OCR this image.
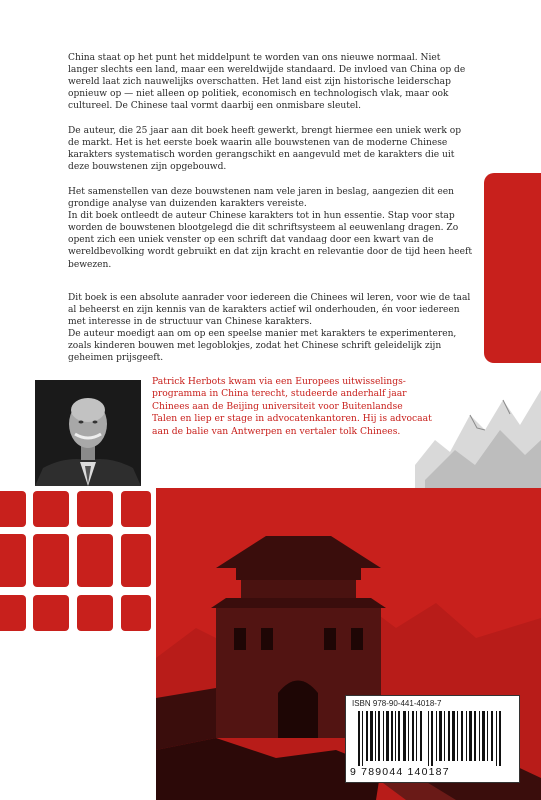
China staat op het punt het middelpunt te worden van ons nieuwe normaal. Niet langer slechts een land, maar een wereldwijde standaard. De invloed van China op de wereld laat zich nauwelijks overschatten. Het land eist zijn historische leiderschap opnieuw op — niet alleen op politiek, economisch en technologisch vlak, maar ook cultureel. De Chinese taal vormt daarbij een onmisbare sleutel.

De auteur, die 25 jaar aan dit boek heeft gewerkt, brengt hiermee een uniek werk op de markt. Het is het eerste boek waarin alle bouwstenen van de moderne Chinese karakters systematisch worden gerangschikt en aangevuld met de karakters die uit deze bouwstenen zijn opgebouwd.

Het samenstellen van deze bouwstenen nam vele jaren in beslag, aangezien dit een grondige analyse van duizenden karakters vereiste.
In dit boek ontleedt de auteur Chinese karakters tot in hun essentie. Stap voor stap worden de bouwstenen blootgelegd die dit schriftsysteem al eeuwenlang dragen. Zo opent zich een uniek venster op een schrift dat vandaag door een kwart van de wereldbevolking wordt gebruikt en dat zijn kracht en relevantie door de tijd heen heeft bewezen.

Dit boek is een absolute aanrader voor iedereen die Chinees wil leren, voor wie de taal al beheerst en zijn kennis van de karakters actief wil onderhouden, én voor iedereen met interesse in de structuur van Chinese karakters.
De auteur moedigt aan om op een speelse manier met karakters te experimenteren, zoals kinderen bouwen met legoblokjes, zodat het Chinese schrift geleidelijk zijn geheimen prijsgeeft.

Patrick Herbots kwam via een Europees uitwisselings-
programma in China terecht, studeerde anderhalf jaar
Chinees aan de Beijing universiteit voor Buitenlandse
Talen en liep er stage in advocatenkantoren. Hij is advocaat
aan de balie van Antwerpen en vertaler tolk Chinees.
ISBN 978-90-441-4018-7
9 789044 140187
